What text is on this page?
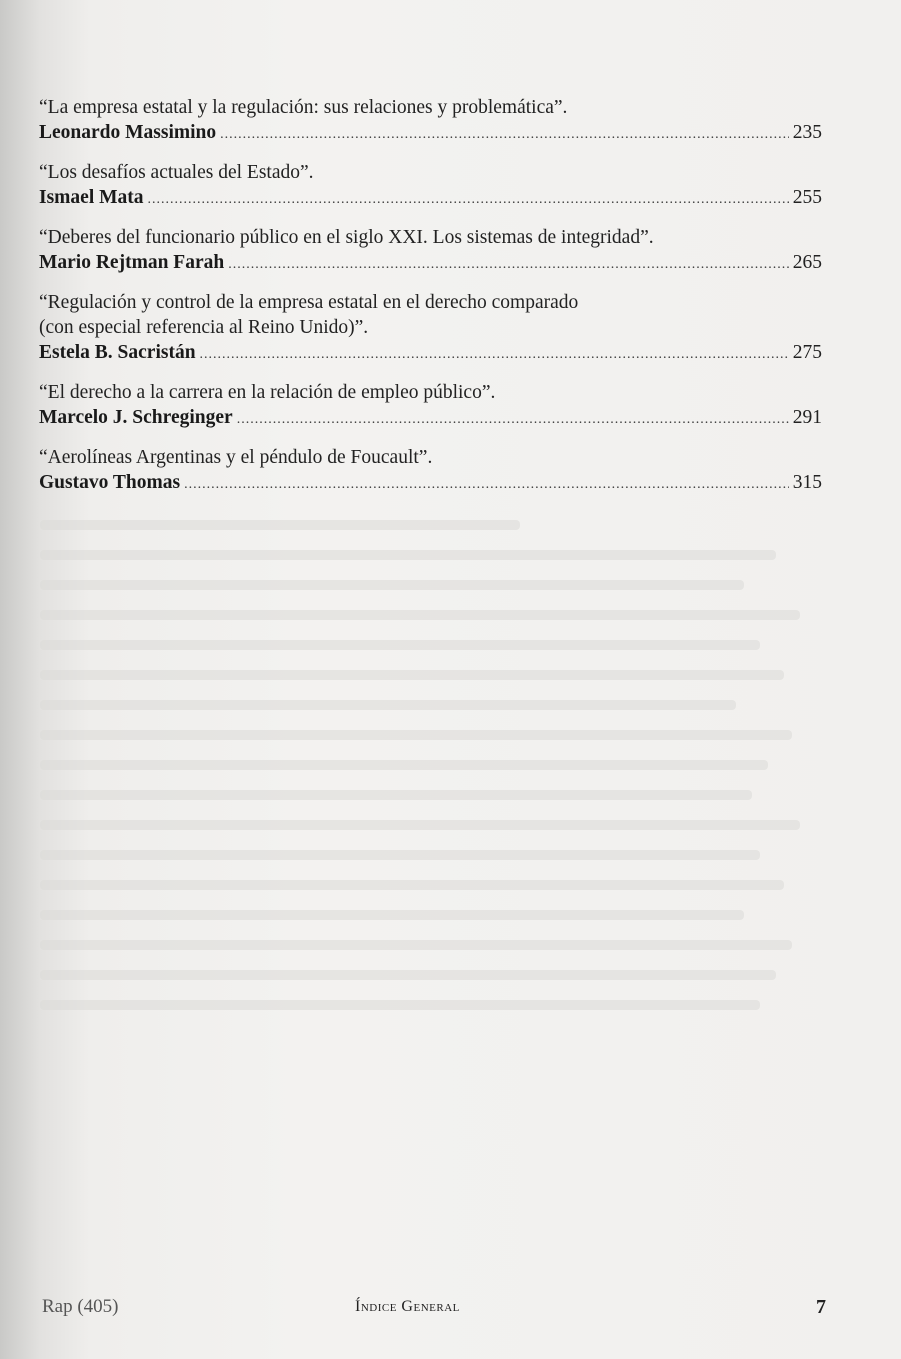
“La empresa estatal y la regulación: sus relaciones y problemática”.
Leonardo Massimino .....	235
“Los desafíos actuales del Estado”.
Ismael Mata .....	255
“Deberes del funcionario público en el siglo XXI. Los sistemas de integridad”.
Mario Rejtman Farah .....	265
“Regulación y control de la empresa estatal en el derecho comparado
(con especial referencia al Reino Unido)”.
Estela B. Sacristán .....	275
“El derecho a la carrera en la relación de empleo público”.
Marcelo J. Schreginger .....	291
“Aerolíneas Argentinas y el péndulo de Foucault”.
Gustavo Thomas .....	315
Rap (405)	Índice General	7
